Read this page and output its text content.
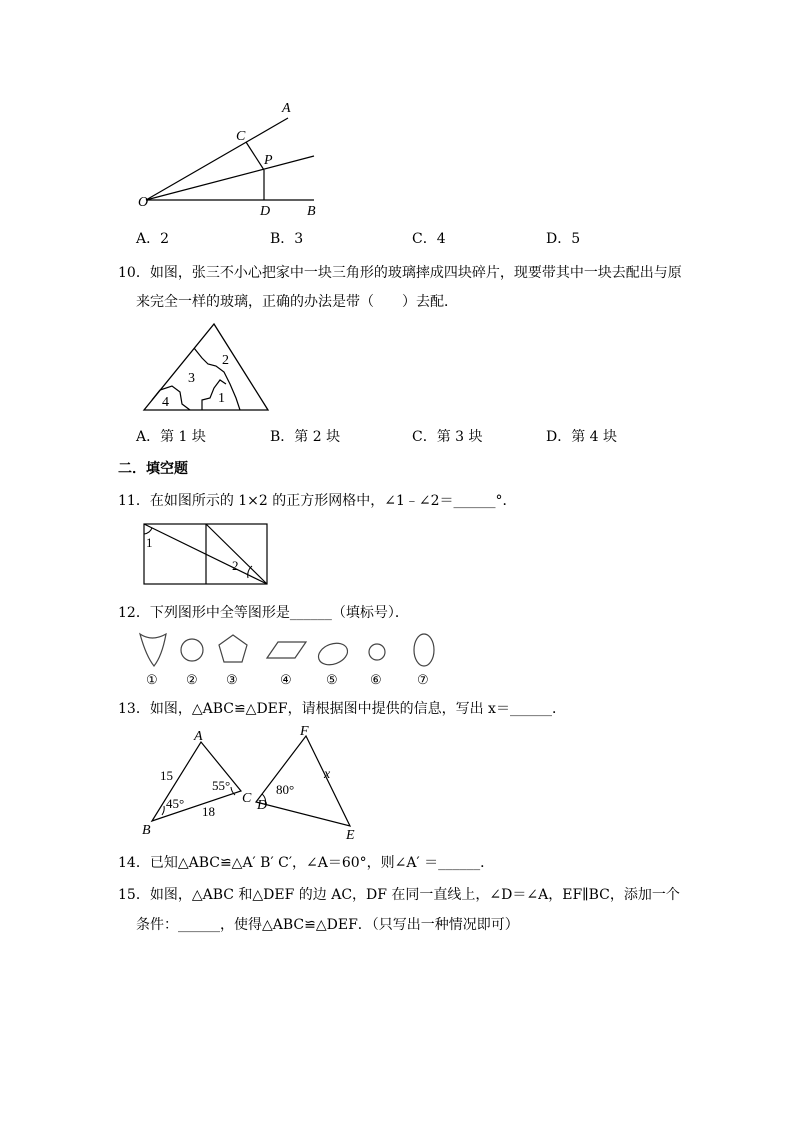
A
C
P
O
D	B
A．2	B．3	C．4	D．5
10．如图，张三不小心把家中一块三角形的玻璃摔成四块碎片，现要带其中一块去配出与原
来完全一样的玻璃，正确的办法是带（　　）去配．
2
3
1
4
A．第 1 块	B．第 2 块	C．第 3 块	D．第 4 块
二．填空题
11．在如图所示的 1×2 的正方形网格中，∠1﹣∠2＝______°．
1
2
12．下列图形中全等图形是______（填标号）．
① ② ③	④	⑤ ⑥	⑦
13．如图，△ABC≌△DEF，请根据图中提供的信息，写出 x＝______．
A
B
C
F
D
E
x
15
18
45°
55°	80°
14．已知△ABC≌△A′ B′ C′，∠A＝60°，则∠A′ ＝______．
15．如图，△ABC 和△DEF 的边 AC，DF 在同一直线上，∠D＝∠A，EF∥BC，添加一个
条件：______，使得△ABC≌△DEF．（只写出一种情况即可）
